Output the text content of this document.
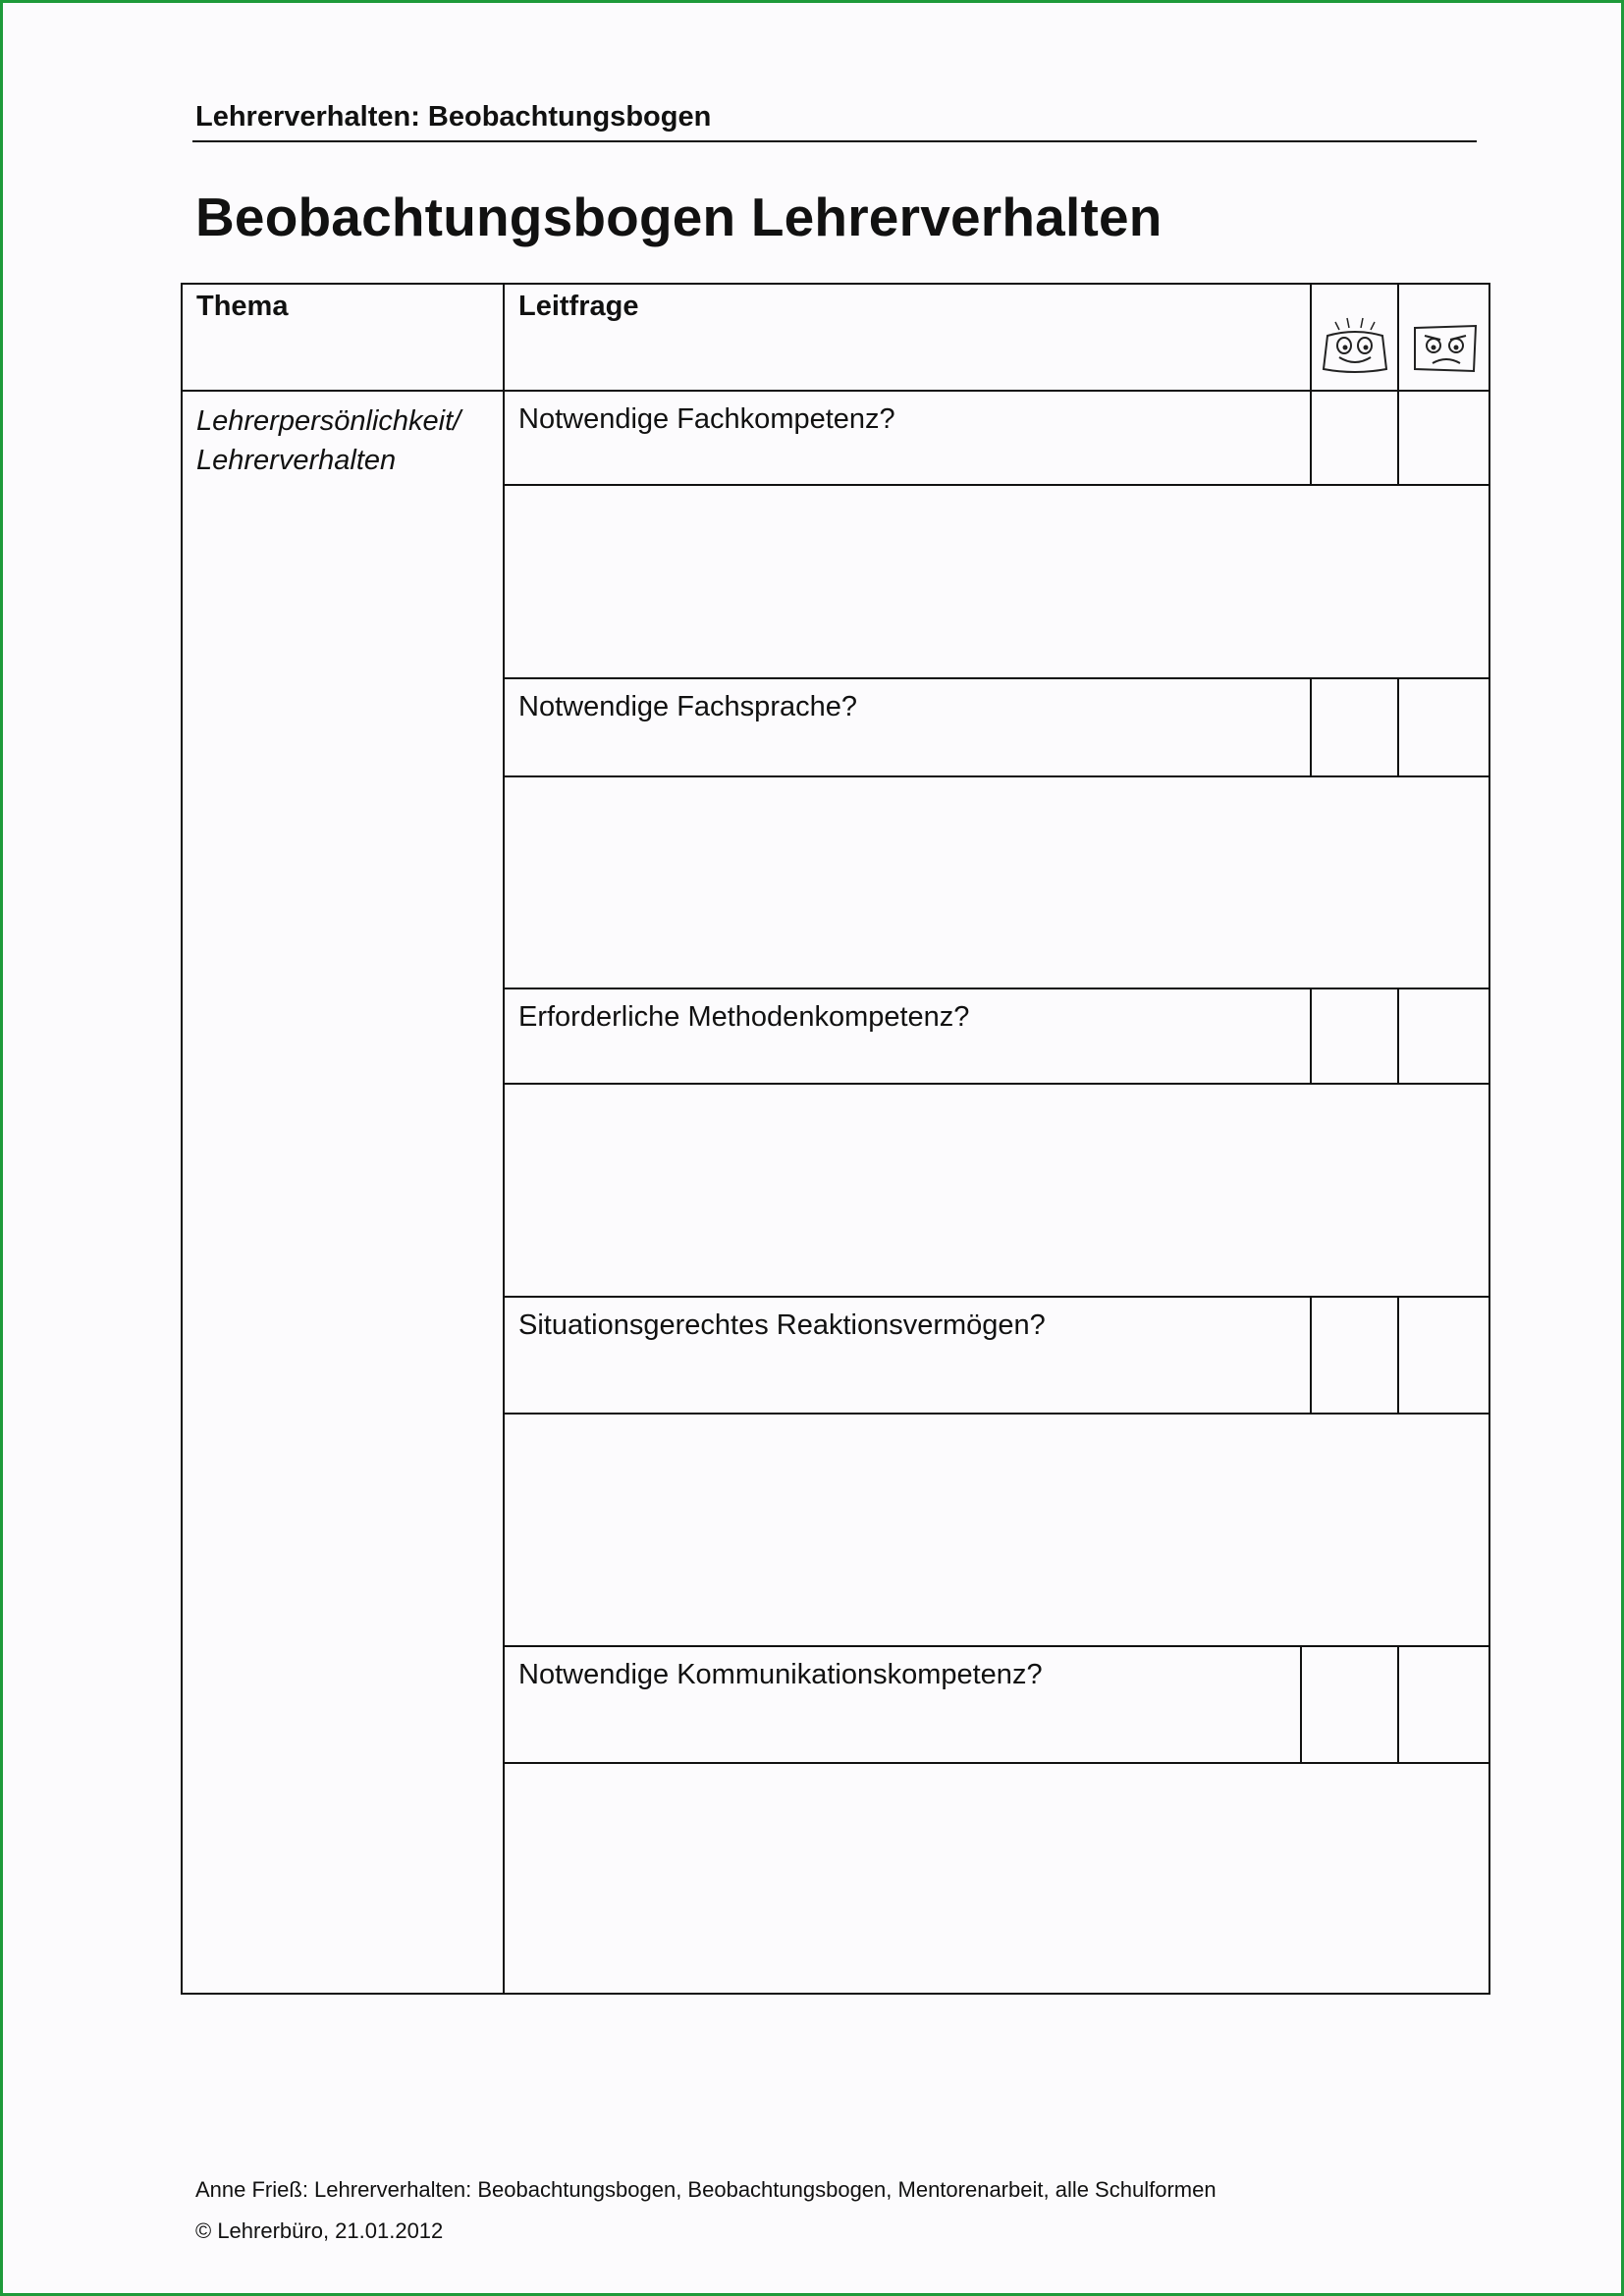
Lehrerverhalten: Beobachtungsbogen
Beobachtungsbogen Lehrerverhalten
Thema	Leitfrage	

Lehrerpersönlichkeit/
Lehrerverhalten	Notwendige Fachkompetenz?			

	Notwendige Fachsprache?			

	Erforderliche Methodenkompetenz?			

	Situationsgerechtes Reaktionsvermögen?			

	Notwendige Kommunikationskompetenz?			

Anne Frieß: Lehrerverhalten: Beobachtungsbogen, Beobachtungsbogen, Mentorenarbeit, alle Schulformen
© Lehrerbüro, 21.01.2012
